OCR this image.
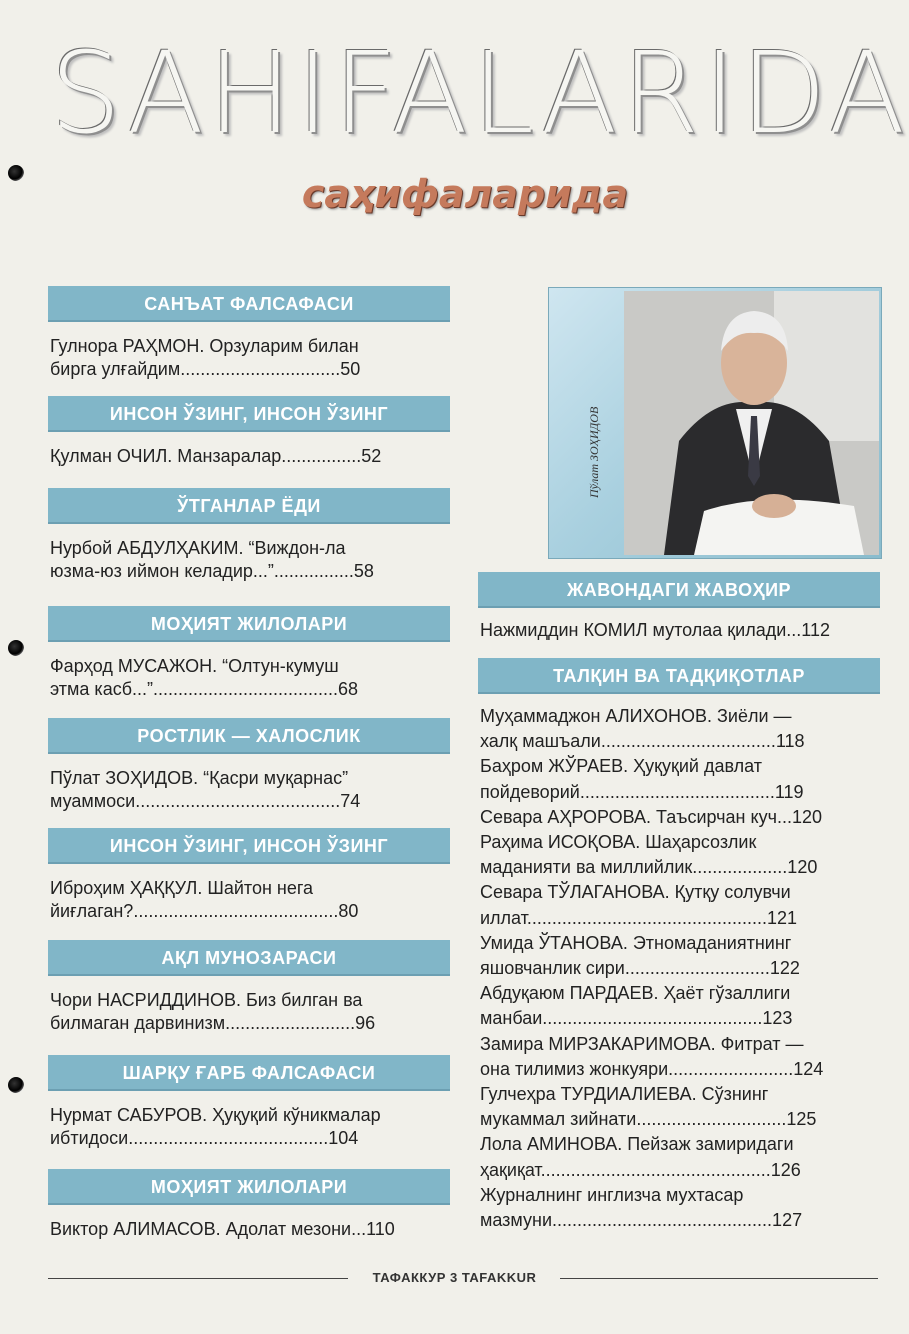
SAHIFALARIDA
саҳифаларида
САНЪАТ ФАЛСАФАСИ
Гулнора РАҲМОН. Орзуларим билан
бирга улғайдим................................50
ИНСОН ЎЗИНГ, ИНСОН ЎЗИНГ
Қулман ОЧИЛ. Манзаралар................52
ЎТГАНЛАР ЁДИ
Нурбой АБДУЛҲАКИМ. “Виждон-ла
юзма-юз иймон келадир...”................58
МОҲИЯТ ЖИЛОЛАРИ
Фарҳод МУСАЖОН. “Олтун-кумуш
этма касб...”.....................................68
РОСТЛИК — ХАЛОСЛИК
Пўлат ЗОҲИДОВ. “Қасри муқарнас”
муаммоси.........................................74
ИНСОН ЎЗИНГ, ИНСОН ЎЗИНГ
Иброҳим ҲАҚҚУЛ. Шайтон нега
йиғлаган?.........................................80
АҚЛ МУНОЗАРАСИ
Чори НАСРИДДИНОВ. Биз билган ва
билмаган дарвинизм..........................96
ШАРҚУ ҒАРБ ФАЛСАФАСИ
Нурмат САБУРОВ. Ҳуқуқий кўникмалар
ибтидоси........................................104
МОҲИЯТ ЖИЛОЛАРИ
Виктор АЛИМАСОВ. Адолат мезони...110
Пўлат ЗОҲИДОВ
ЖАВОНДАГИ ЖАВОҲИР
Нажмиддин КОМИЛ мутолаа қилади...112
ТАЛҚИН ВА ТАДҚИҚОТЛАР
Муҳаммаджон АЛИХОНОВ. Зиёли —
халқ машъали...................................118
Баҳром ЖЎРАЕВ. Ҳуқуқий давлат
пойдеворий.......................................119
Севара АҲРОРОВА. Таъсирчан куч...120
Раҳима ИСОҚОВА. Шаҳарсозлик
маданияти ва миллийлик...................120
Севара ТЎЛАГАНОВА. Қутқу солувчи
иллат................................................121
Умида ЎТАНОВА. Этномаданиятнинг
яшовчанлик сири.............................122
Абдуқаюм ПАРДАЕВ. Ҳаёт гўзаллиги
манбаи............................................123
Замира МИРЗАКАРИМОВА. Фитрат —
она тилимиз жонкуяри.........................124
Гулчеҳра ТУРДИАЛИЕВА. Сўзнинг
мукаммал зийнати..............................125
Лола АМИНОВА. Пейзаж замиридаги
ҳақиқат..............................................126
Журналнинг инглизча мухтасар
мазмуни............................................127
ТАФАККУР 3 TAFAKKUR
